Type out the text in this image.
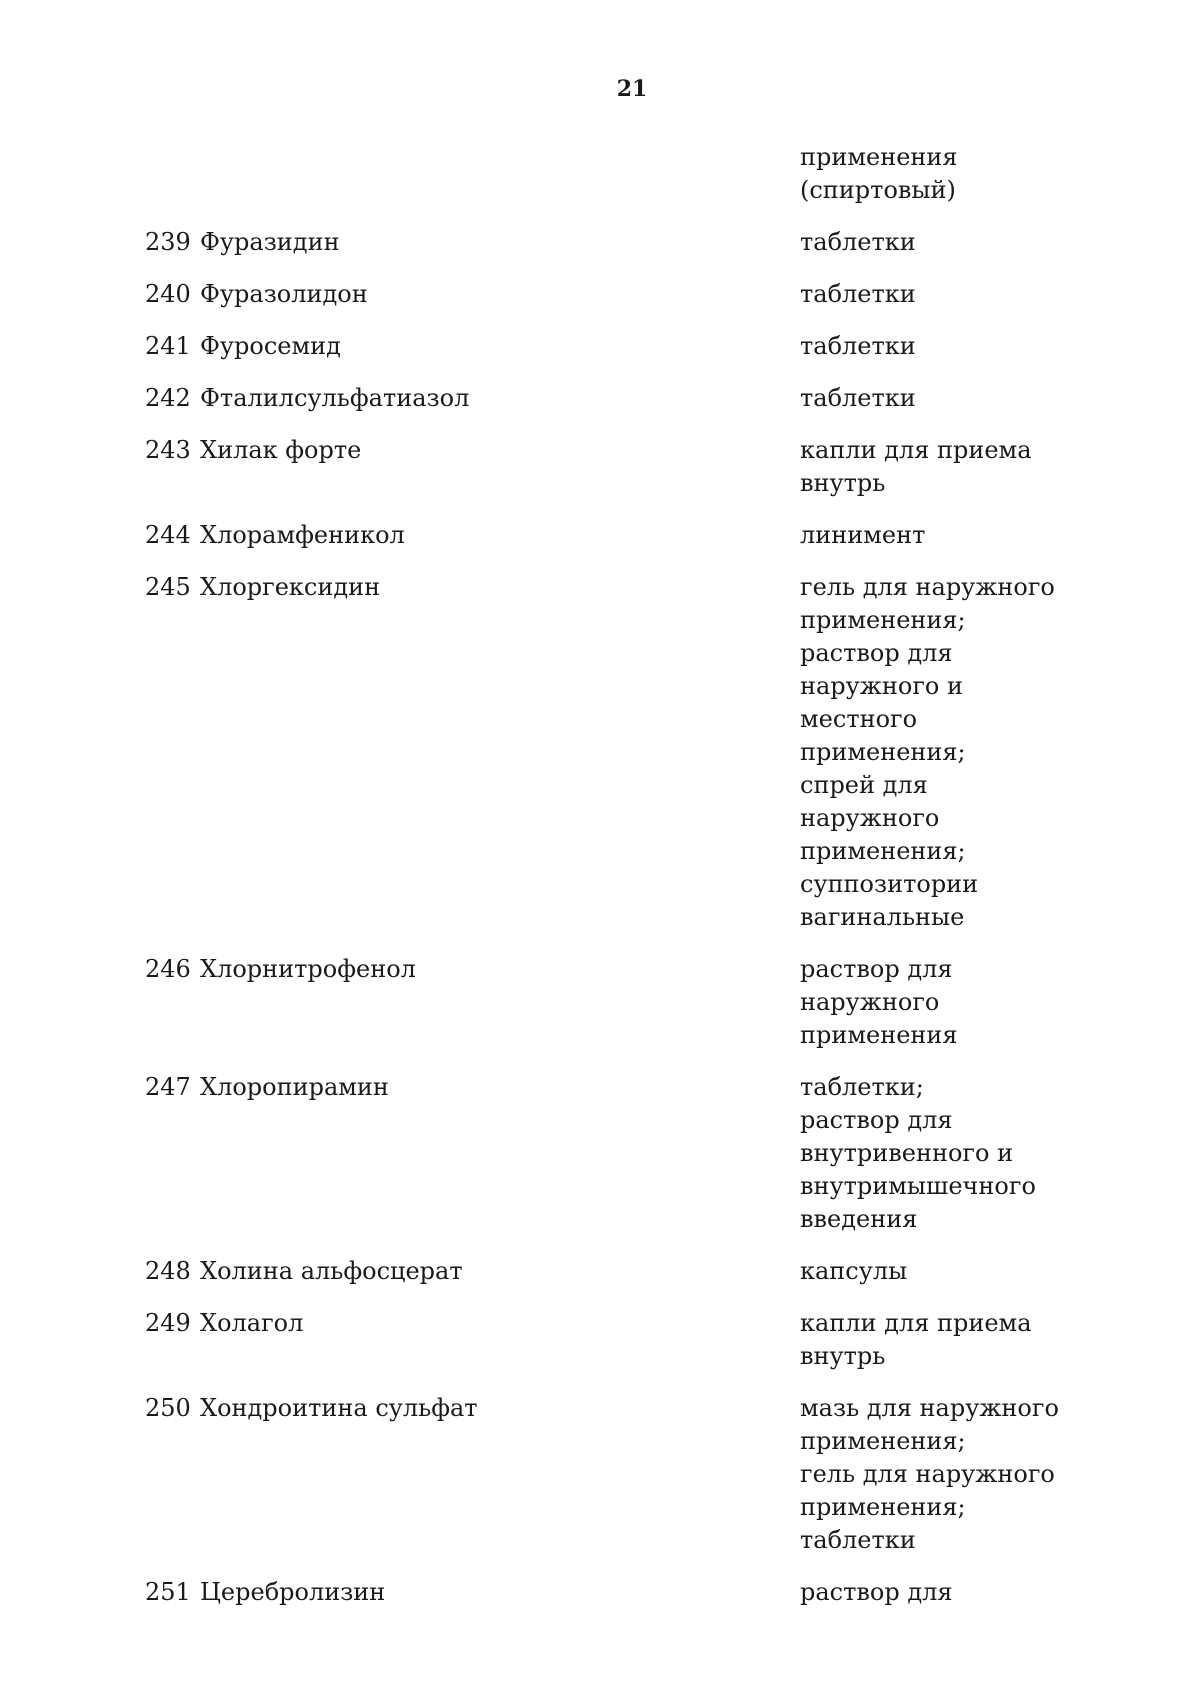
21
применения
(спиртовый)
239 Фуразидин	таблетки
240 Фуразолидон	таблетки
241 Фуросемид	таблетки
242 Фталилсульфатиазол	таблетки
243 Хилак форте	капли для приема
внутрь
244 Хлорамфеникол	линимент
245 Хлоргексидин	гель для наружного
применения;
раствор для
наружного и
местного
применения;
спрей для
наружного
применения;
суппозитории
вагинальные
246 Хлорнитрофенол	раствор для
наружного
применения
247 Хлоропирамин	таблетки;
раствор для
внутривенного и
внутримышечного
введения
248 Холина альфосцерат	капсулы
249 Холагол	капли для приема
внутрь
250 Хондроитина сульфат	мазь для наружного
применения;
гель для наружного
применения;
таблетки
251 Церебролизин	раствор для
